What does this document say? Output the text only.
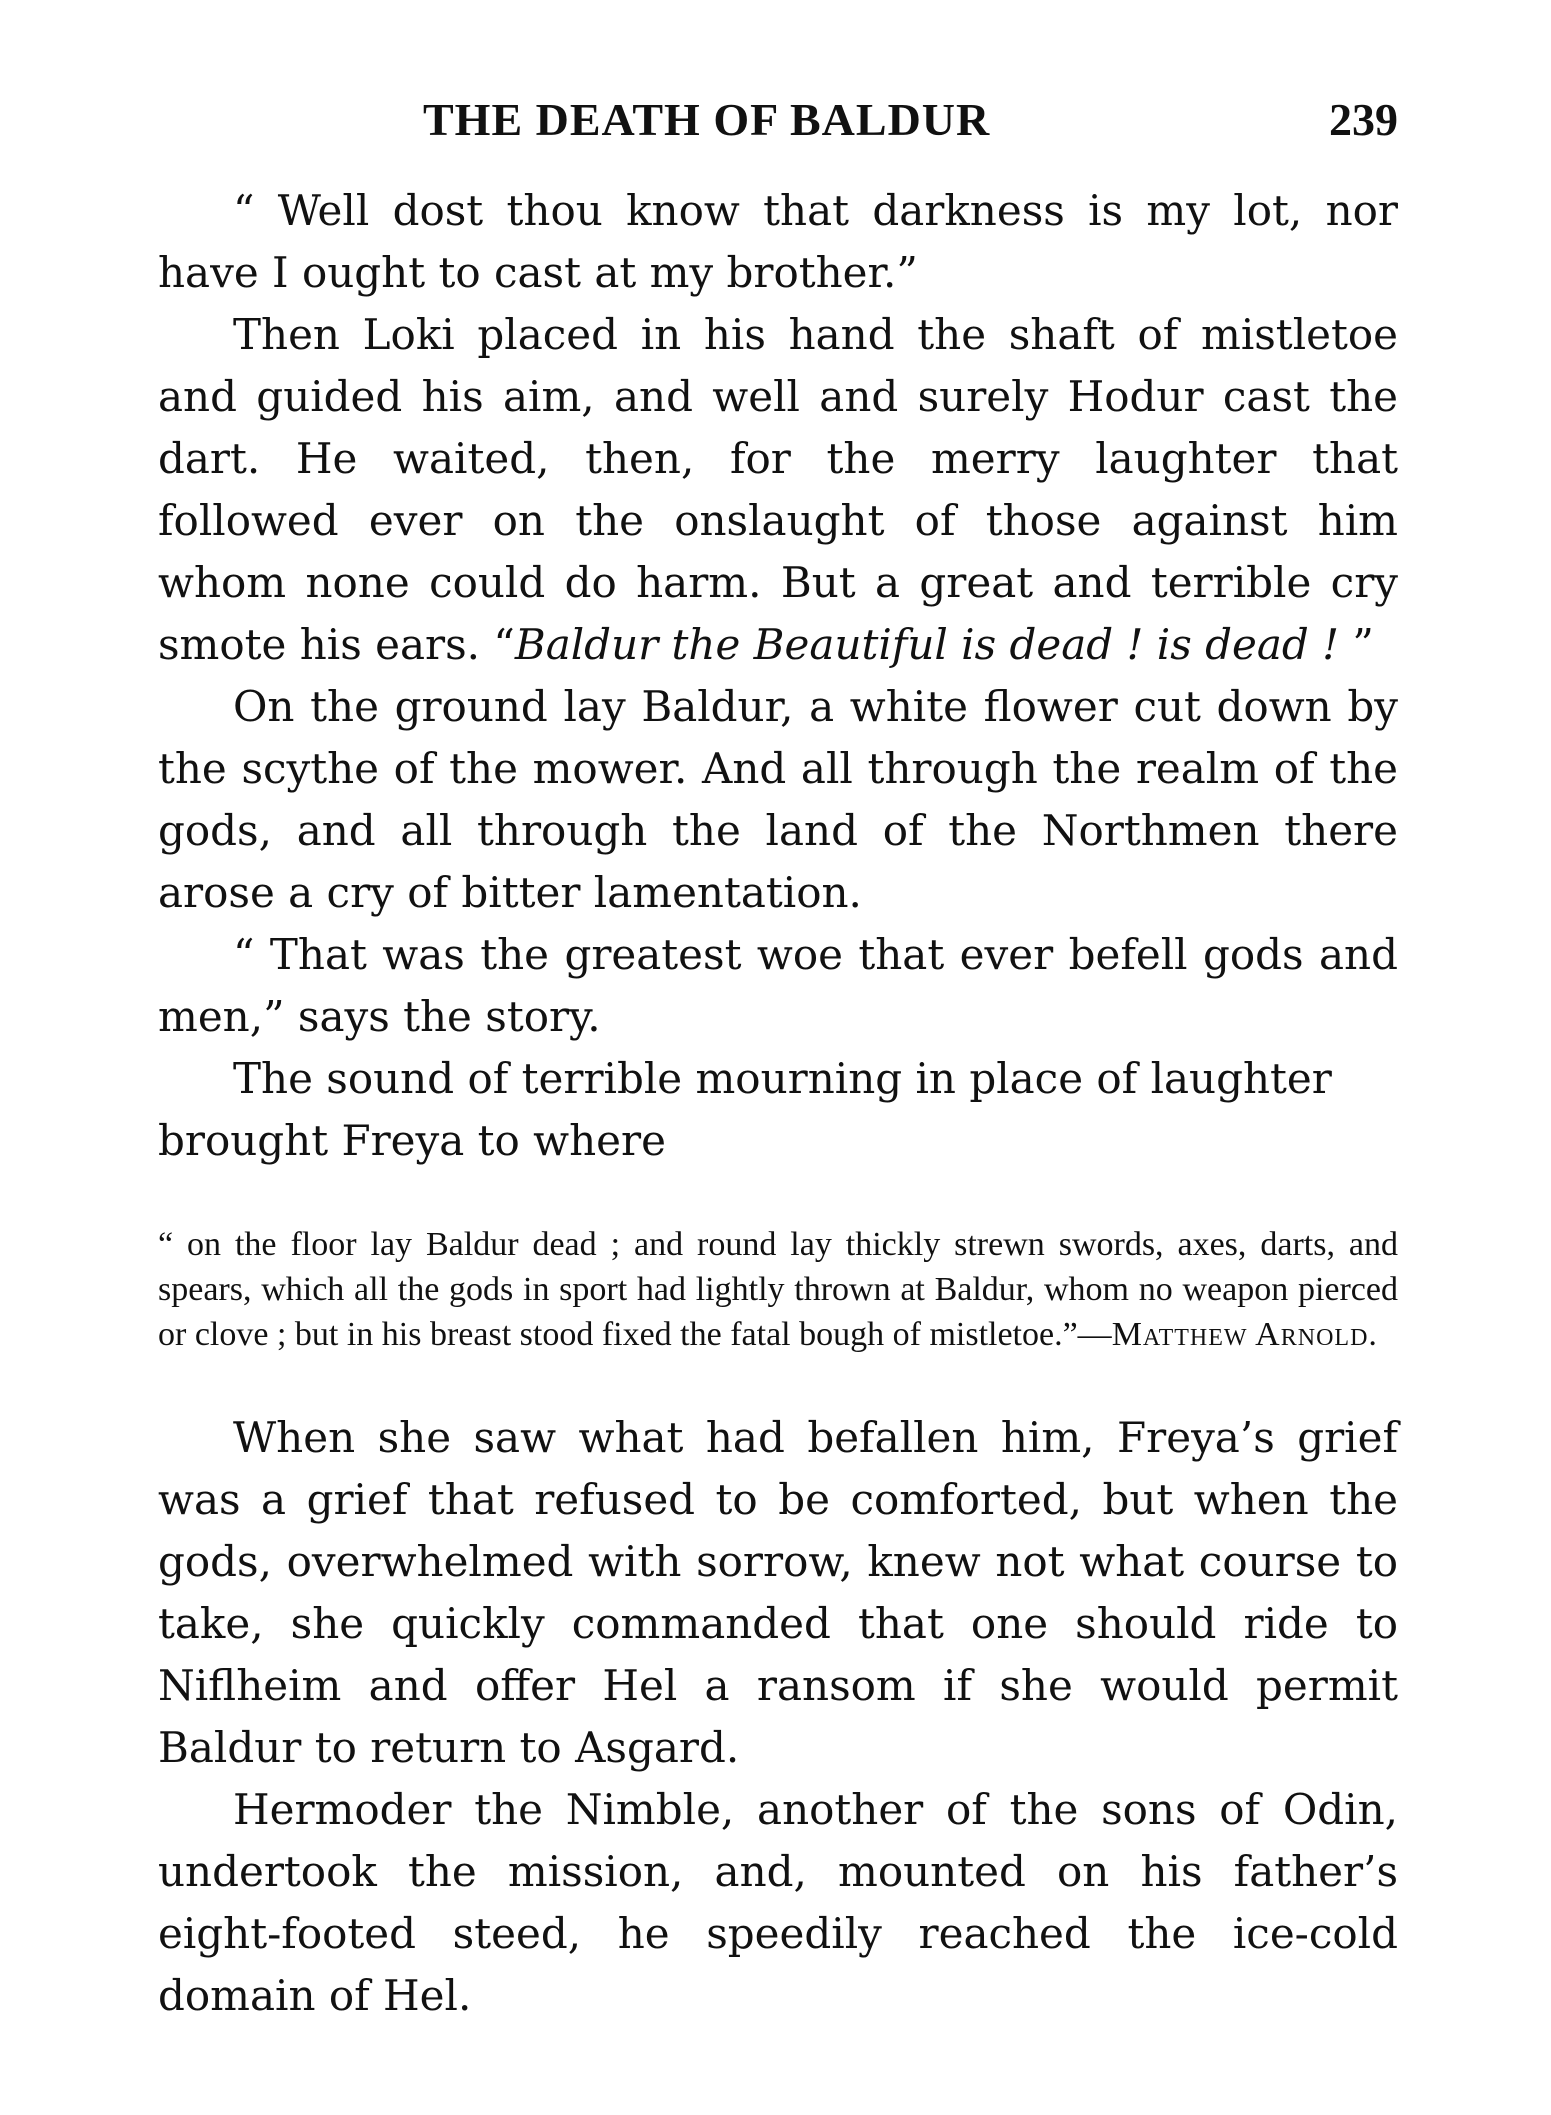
THE DEATH OF BALDUR	239

“ Well dost thou know that darkness is my lot, nor have I ought to cast at my brother.”

Then Loki placed in his hand the shaft of mistletoe and guided his aim, and well and surely Hodur cast the dart. He waited, then, for the merry laughter that followed ever on the onslaught of those against him whom none could do harm. But a great and terrible cry smote his ears. “Baldur the Beautiful is dead ! is dead ! ”

On the ground lay Baldur, a white flower cut down by the scythe of the mower. And all through the realm of the gods, and all through the land of the Northmen there arose a cry of bitter lamentation.

“ That was the greatest woe that ever befell gods and men,” says the story.

The sound of terrible mourning in place of laughter brought Freya to where

“ on the floor lay Baldur dead ; and round lay thickly strewn swords, axes, darts, and spears, which all the gods in sport had lightly thrown at Baldur, whom no weapon pierced or clove ; but in his breast stood fixed the fatal bough of mistletoe.”—Matthew Arnold.

When she saw what had befallen him, Freya’s grief was a grief that refused to be comforted, but when the gods, overwhelmed with sorrow, knew not what course to take, she quickly commanded that one should ride to Niflheim and offer Hel a ransom if she would permit Baldur to return to Asgard.

Hermoder the Nimble, another of the sons of Odin, undertook the mission, and, mounted on his father’s eight-footed steed, he speedily reached the ice-cold domain of Hel.
